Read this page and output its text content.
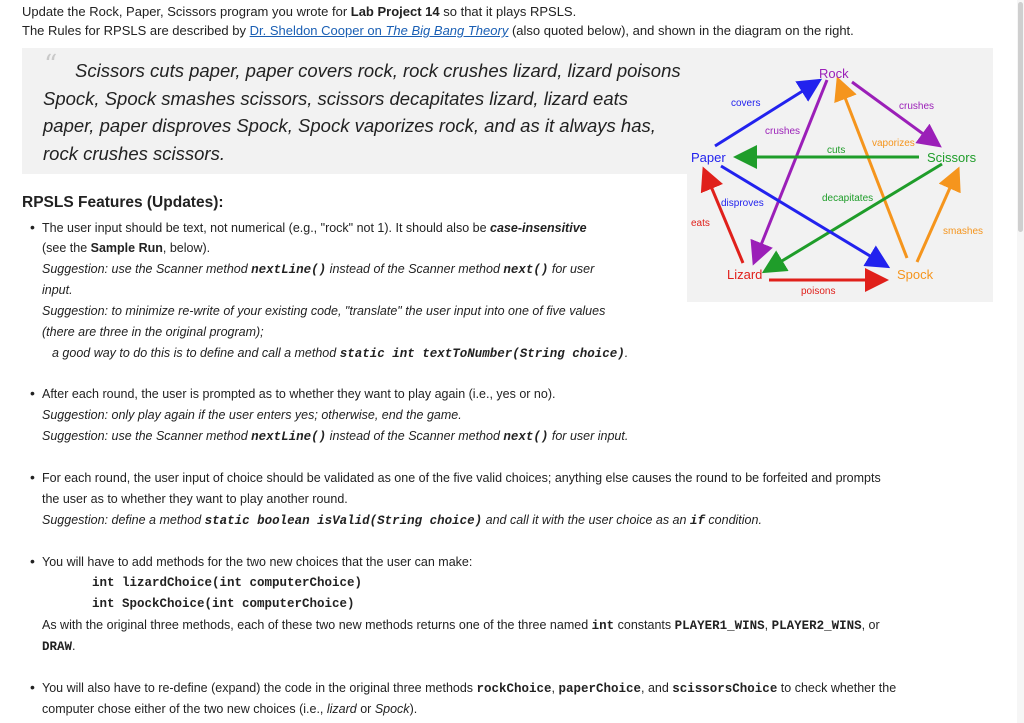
Update the Rock, Paper, Scissors program you wrote for Lab Project 14 so that it plays RPSLS.
The Rules for RPSLS are described by Dr. Sheldon Cooper on The Big Bang Theory (also quoted below), and shown in the diagram on the right.
“ Scissors cuts paper, paper covers rock, rock crushes lizard, lizard poisons Spock, Spock smashes scissors, scissors decapitates lizard, lizard eats paper, paper disproves Spock, Spock vaporizes rock, and as it always has, rock crushes scissors.
Rock
Paper	Scissors
Lizard	Spock
covers	crushes
crushes
vaporizes
cuts
decapitates
disproves
eats
smashes
poisons
RPSLS Features (Updates):
• The user input should be text, not numerical (e.g., "rock" not 1). It should also be case-insensitive
(see the Sample Run, below).
Suggestion: use the Scanner method nextLine() instead of the Scanner method next() for user
input.
Suggestion: to minimize re-write of your existing code, "translate" the user input into one of five values
(there are three in the original program);
a good way to do this is to define and call a method static int textToNumber(String choice).
• After each round, the user is prompted as to whether they want to play again (i.e., yes or no).
Suggestion: only play again if the user enters yes; otherwise, end the game.
Suggestion: use the Scanner method nextLine() instead of the Scanner method next() for user input.
• For each round, the user input of choice should be validated as one of the five valid choices; anything else causes the round to be forfeited and prompts
the user as to whether they want to play another round.
Suggestion: define a method static boolean isValid(String choice) and call it with the user choice as an if condition.
• You will have to add methods for the two new choices that the user can make:
int lizardChoice(int computerChoice)
int SpockChoice(int computerChoice)
As with the original three methods, each of these two new methods returns one of the three named int constants PLAYER1_WINS, PLAYER2_WINS, or
DRAW.
• You will also have to re-define (expand) the code in the original three methods rockChoice, paperChoice, and scissorsChoice to check whether the
computer chose either of the two new choices (i.e., lizard or Spock).
